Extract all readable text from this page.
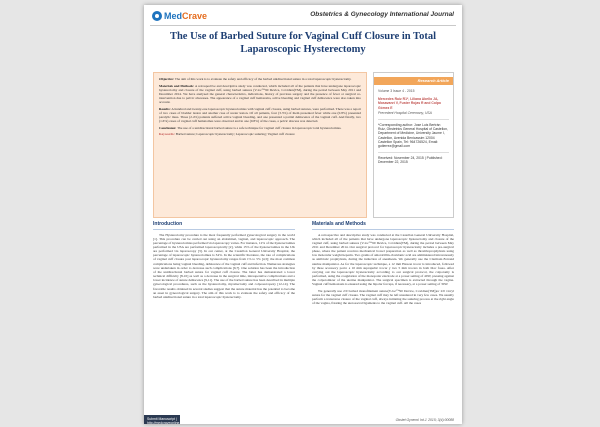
MedCrave	Obstetrics & Gynecology International Journal
The Use of Barbed Suture for Vaginal Cuff Closure in Total Laparoscopic Hysterectomy

Objective: The aim of this work is to evaluate the safety and efficacy of the barbed unidirectional suture in a total laparoscopic hysterectomy.

Materials and Methods: A retrospective and descriptive study was conducted, which included all of the patients that have undergone laparoscopic hysterectomy and closure of the vaginal cuff, using barbed sutures (V-loc™90 Device, Covidien(TM), during the period between May 2011 and December 2014. We have analysed the general characteristics, indications, history of previous surgery and the presence of fever or surgical re-intervention due to pelvic abscesses. The appearance of a vaginal cuff hematoma, active bleeding and vaginal cuff dehiscence were also taken into account.

Results: A hundred and twenty-one laparoscopic hysterectomies with vaginal cuff closure, using barbed sutures, were performed. There was a report of two cases of bladder lesion and another case of ureter lesion. Of all patients, four (3.3%) of them presented fever while one (0.8%) presented paralytic ileus. Three (2.4%) patients suffered active vaginal bleeding, and one presented a partial dehiscence of the vaginal cuff. And finally, two (1.6%) cases of vaginal cuff hematomas were observed and in one (0.8%) of the cases, a pelvic abscess was detected.

Conclusion: The use of a unidirectional barbed suture is a safe technique for vaginal cuff closure in laparoscopic total hysterectomies.

Keywords: Barbed suture; Laparoscopic hysterectomy; Laparoscopic suturing; Vaginal cuff closure

Research Article
Volume 3 Issue 4 - 2015
Mercedes Ruiz R1*, Liliana Abello JA, Mosavanri V, Fuster Rojas R and Colpo Gómez E
Precedent Hospital Ceremony, USA
*Corresponding author: Jose Luis Bertrán Ruiz, Obstetrics General Hospital of Castellon, Department of Medicine, University Jaume I, Castellon, Avenida Benicassim 12004 Castellon Spain, Tel: 964726524, Email: gutierrez@gmail.com
Received: November 24, 2015 | Published: December 22, 2015
Introduction

The Hysterectomy procedure is the most frequently performed gynecological surgery in the world [1]. This procedure can be carried out using an abdominal, vaginal, and laparoscopic approach. The percentage of hysterectomies performed via laparoscopy varies. For instance, 12% of the hysterectomies performed in the USA are performed laparoscopically [2], while 15% of the hysterectomies in the UK are performed via laparoscopy [3]. In our center, at the Castellon General University Hospital, the percentage of laparoscopic hysterectomies is 34%. In the scientific literature, the rate of complications of vaginal cuff closure post laparoscopic hysterectomy ranges from 1% to 5% [4,5]; the most common complications being vaginal bleeding, dehiscence of the vaginal cuff and infection. Numerous strategies were undertaken in order to decrease such complications [6,7]. One solution has been the introduction of the unidirectional barbed suture for vaginal cuff closure. The latter has demonstrated a lower technical difficulty [8-10] as well as a decrease in the surgical time, intraoperative complications and a lower incidence of suture dehiscence [9,11]. The use of the barbed suture has been described in multiple gynecological procedures, such as the hysterectomy, myomectomy and colposacropexy [12-14]. The favorable results obtained in several studies suggest that the suture material has the potential to become an asset in gynecological surgery. The aim of this work is to evaluate the safety and efficacy of the barbed unidirectional suture in a total laparoscopic hysterectomy.

Materials and Methods

A retrospective and descriptive study was conducted at the Castellon General University Hospital, which included all of the patients that have undergone laparoscopic hysterectomy and closure of the vaginal cuff, using barbed sutures (V-loc™90 Device, Covidien(TM), during the period between May 2011 and December 2014. Our surgical protocol for laparoscopic hysterectomy includes a pre-surgical phase, where the patient receives mechanical bowel preparation as well as thromboprophylaxis using low molecular weight heparin. Two grams of amoxicillin-clavulanic acid are administered intravenously as antibiotic prophylaxis, during the induction of anesthesia. We generally use the Clermont-Ferrand uterine manipulator. As for the laparoscopic technique, a 12 mm Hasson trocar is introduced, followed by three accessory ports: a 10 mm suprapubic trocar y two 5 mm trocars in both iliac fossa. After carrying out the laparoscopic hysterectomy according to our surgical protocol, the colpotomy is performed, using the coagulation of the monopolar electrode at a power setting of 40W, pressing against the colpotomizer of the uterine manipulator. The surgical specimen is extracted through the vagina. Vaginal cuff hemostasis is ensured using the bipolar forceps, if necessary, at a power setting of 30W.

We generally use 2/0 barbed monofilament suture(V-loc™90 Device, Covidien(TM))or 2/0 vicryl suture for the vaginal cuff closure. The vaginal cuff may be left unsutured in very few cases. We usually perform a transverse closure of the vaginal cuff, always initiating the suturing process at the right angle of the vagina, fixating the uterosacral ligaments to the vaginal cuff. All the cases

Submit Manuscript | http://medcraveonline.com
Obstet Gynecol Int J. 2015; 3(4):00088
